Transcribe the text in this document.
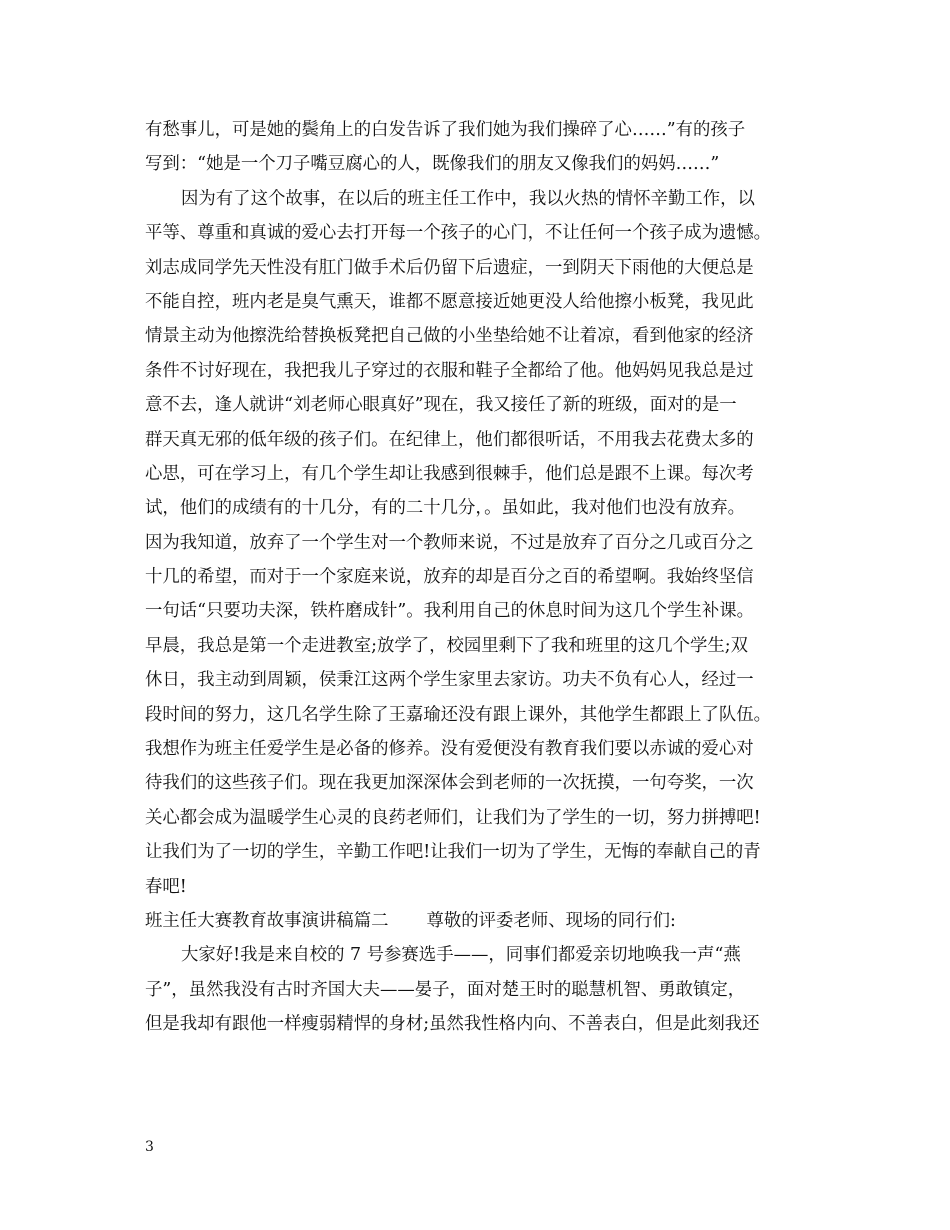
有愁事儿，可是她的鬓角上的白发告诉了我们她为我们操碎了心……”有的孩子
写到：“她是一个刀子嘴豆腐心的人，既像我们的朋友又像我们的妈妈……”
因为有了这个故事，在以后的班主任工作中，我以火热的情怀辛勤工作，以
平等、尊重和真诚的爱心去打开每一个孩子的心门，不让任何一个孩子成为遗憾。
刘志成同学先天性没有肛门做手术后仍留下后遗症，一到阴天下雨他的大便总是
不能自控，班内老是臭气熏天，谁都不愿意接近她更没人给他擦小板凳，我见此
情景主动为他擦洗给替换板凳把自己做的小坐垫给她不让着凉，看到他家的经济
条件不讨好现在，我把我儿子穿过的衣服和鞋子全都给了他。他妈妈见我总是过
意不去，逢人就讲“刘老师心眼真好”现在，我又接任了新的班级，面对的是一
群天真无邪的低年级的孩子们。在纪律上，他们都很听话，不用我去花费太多的
心思，可在学习上，有几个学生却让我感到很棘手，他们总是跟不上课。每次考
试，他们的成绩有的十几分，有的二十几分，。虽如此，我对他们也没有放弃。
因为我知道，放弃了一个学生对一个教师来说，不过是放弃了百分之几或百分之
十几的希望，而对于一个家庭来说，放弃的却是百分之百的希望啊。我始终坚信
一句话“只要功夫深，铁杵磨成针”。我利用自己的休息时间为这几个学生补课。
早晨，我总是第一个走进教室;放学了，校园里剩下了我和班里的这几个学生;双
休日，我主动到周颖，侯秉江这两个学生家里去家访。功夫不负有心人，经过一
段时间的努力，这几名学生除了王嘉瑜还没有跟上课外，其他学生都跟上了队伍。
我想作为班主任爱学生是必备的修养。没有爱便没有教育我们要以赤诚的爱心对
待我们的这些孩子们。现在我更加深深体会到老师的一次抚摸，一句夸奖，一次
关心都会成为温暖学生心灵的良药老师们，让我们为了学生的一切，努力拼搏吧!
让我们为了一切的学生，辛勤工作吧!让我们一切为了学生，无悔的奉献自己的青
春吧!
班主任大赛教育故事演讲稿篇二 尊敬的评委老师、现场的同行们:
大家好!我是来自校的 7 号参赛选手——，同事们都爱亲切地唤我一声“燕
子”，虽然我没有古时齐国大夫——晏子，面对楚王时的聪慧机智、勇敢镇定，
但是我却有跟他一样瘦弱精悍的身材;虽然我性格内向、不善表白，但是此刻我还
3
